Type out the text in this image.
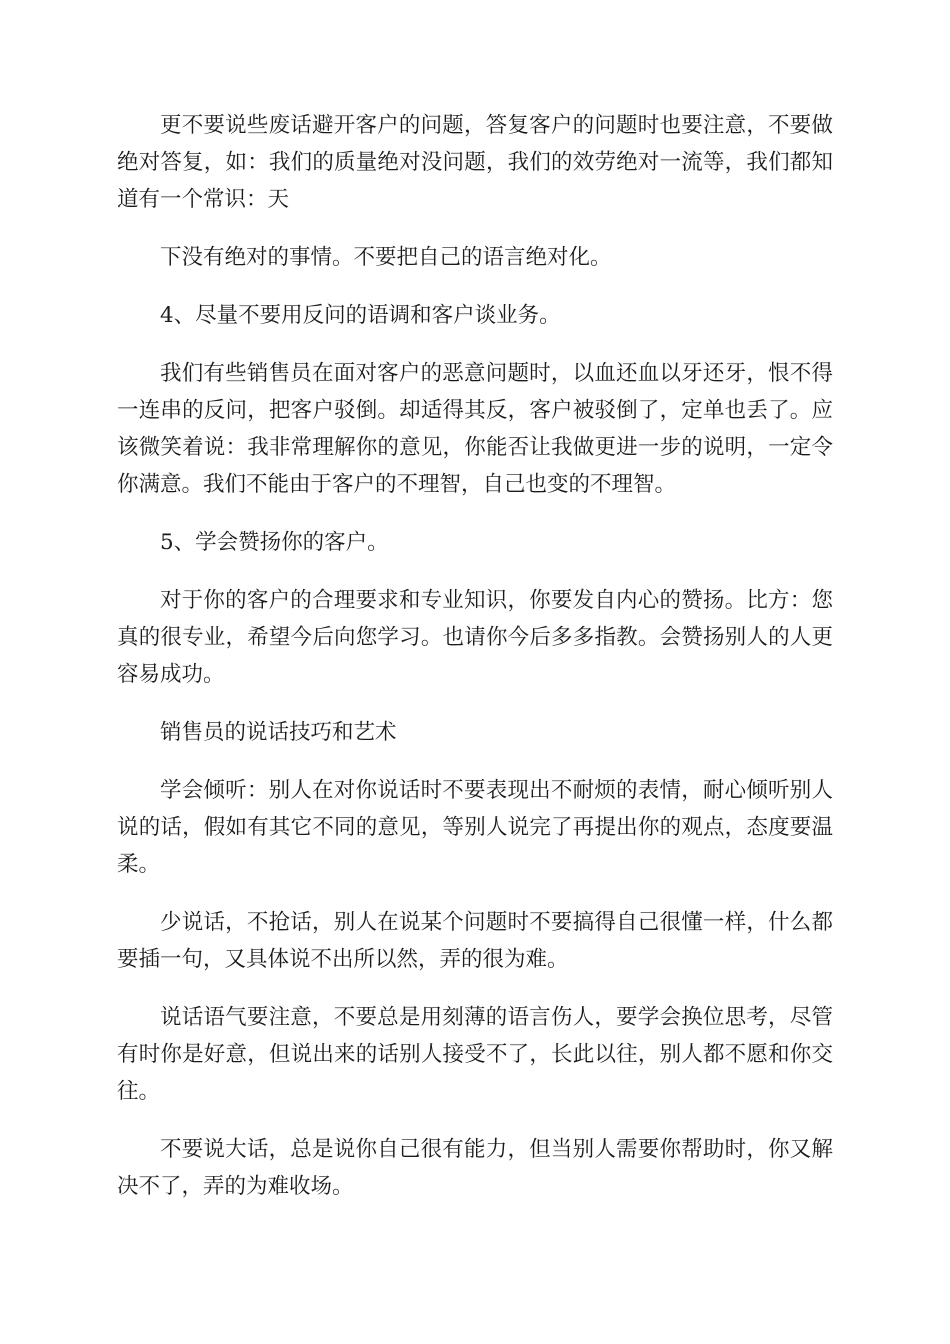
更不要说些废话避开客户的问题，答复客户的问题时也要注意，不要做绝对答复，如：我们的质量绝对没问题，我们的效劳绝对一流等，我们都知道有一个常识：天

下没有绝对的事情。不要把自己的语言绝对化。

4、尽量不要用反问的语调和客户谈业务。

我们有些销售员在面对客户的恶意问题时，以血还血以牙还牙，恨不得一连串的反问，把客户驳倒。却适得其反，客户被驳倒了，定单也丢了。应该微笑着说：我非常理解你的意见，你能否让我做更进一步的说明，一定令你满意。我们不能由于客户的不理智，自己也变的不理智。

5、学会赞扬你的客户。

对于你的客户的合理要求和专业知识，你要发自内心的赞扬。比方：您真的很专业，希望今后向您学习。也请你今后多多指教。会赞扬别人的人更容易成功。

销售员的说话技巧和艺术

学会倾听：别人在对你说话时不要表现出不耐烦的表情，耐心倾听别人说的话，假如有其它不同的意见，等别人说完了再提出你的观点，态度要温柔。

少说话，不抢话，别人在说某个问题时不要搞得自己很懂一样，什么都要插一句，又具体说不出所以然，弄的很为难。

说话语气要注意，不要总是用刻薄的语言伤人，要学会换位思考，尽管有时你是好意，但说出来的话别人接受不了，长此以往，别人都不愿和你交往。

不要说大话，总是说你自己很有能力，但当别人需要你帮助时，你又解决不了，弄的为难收场。
